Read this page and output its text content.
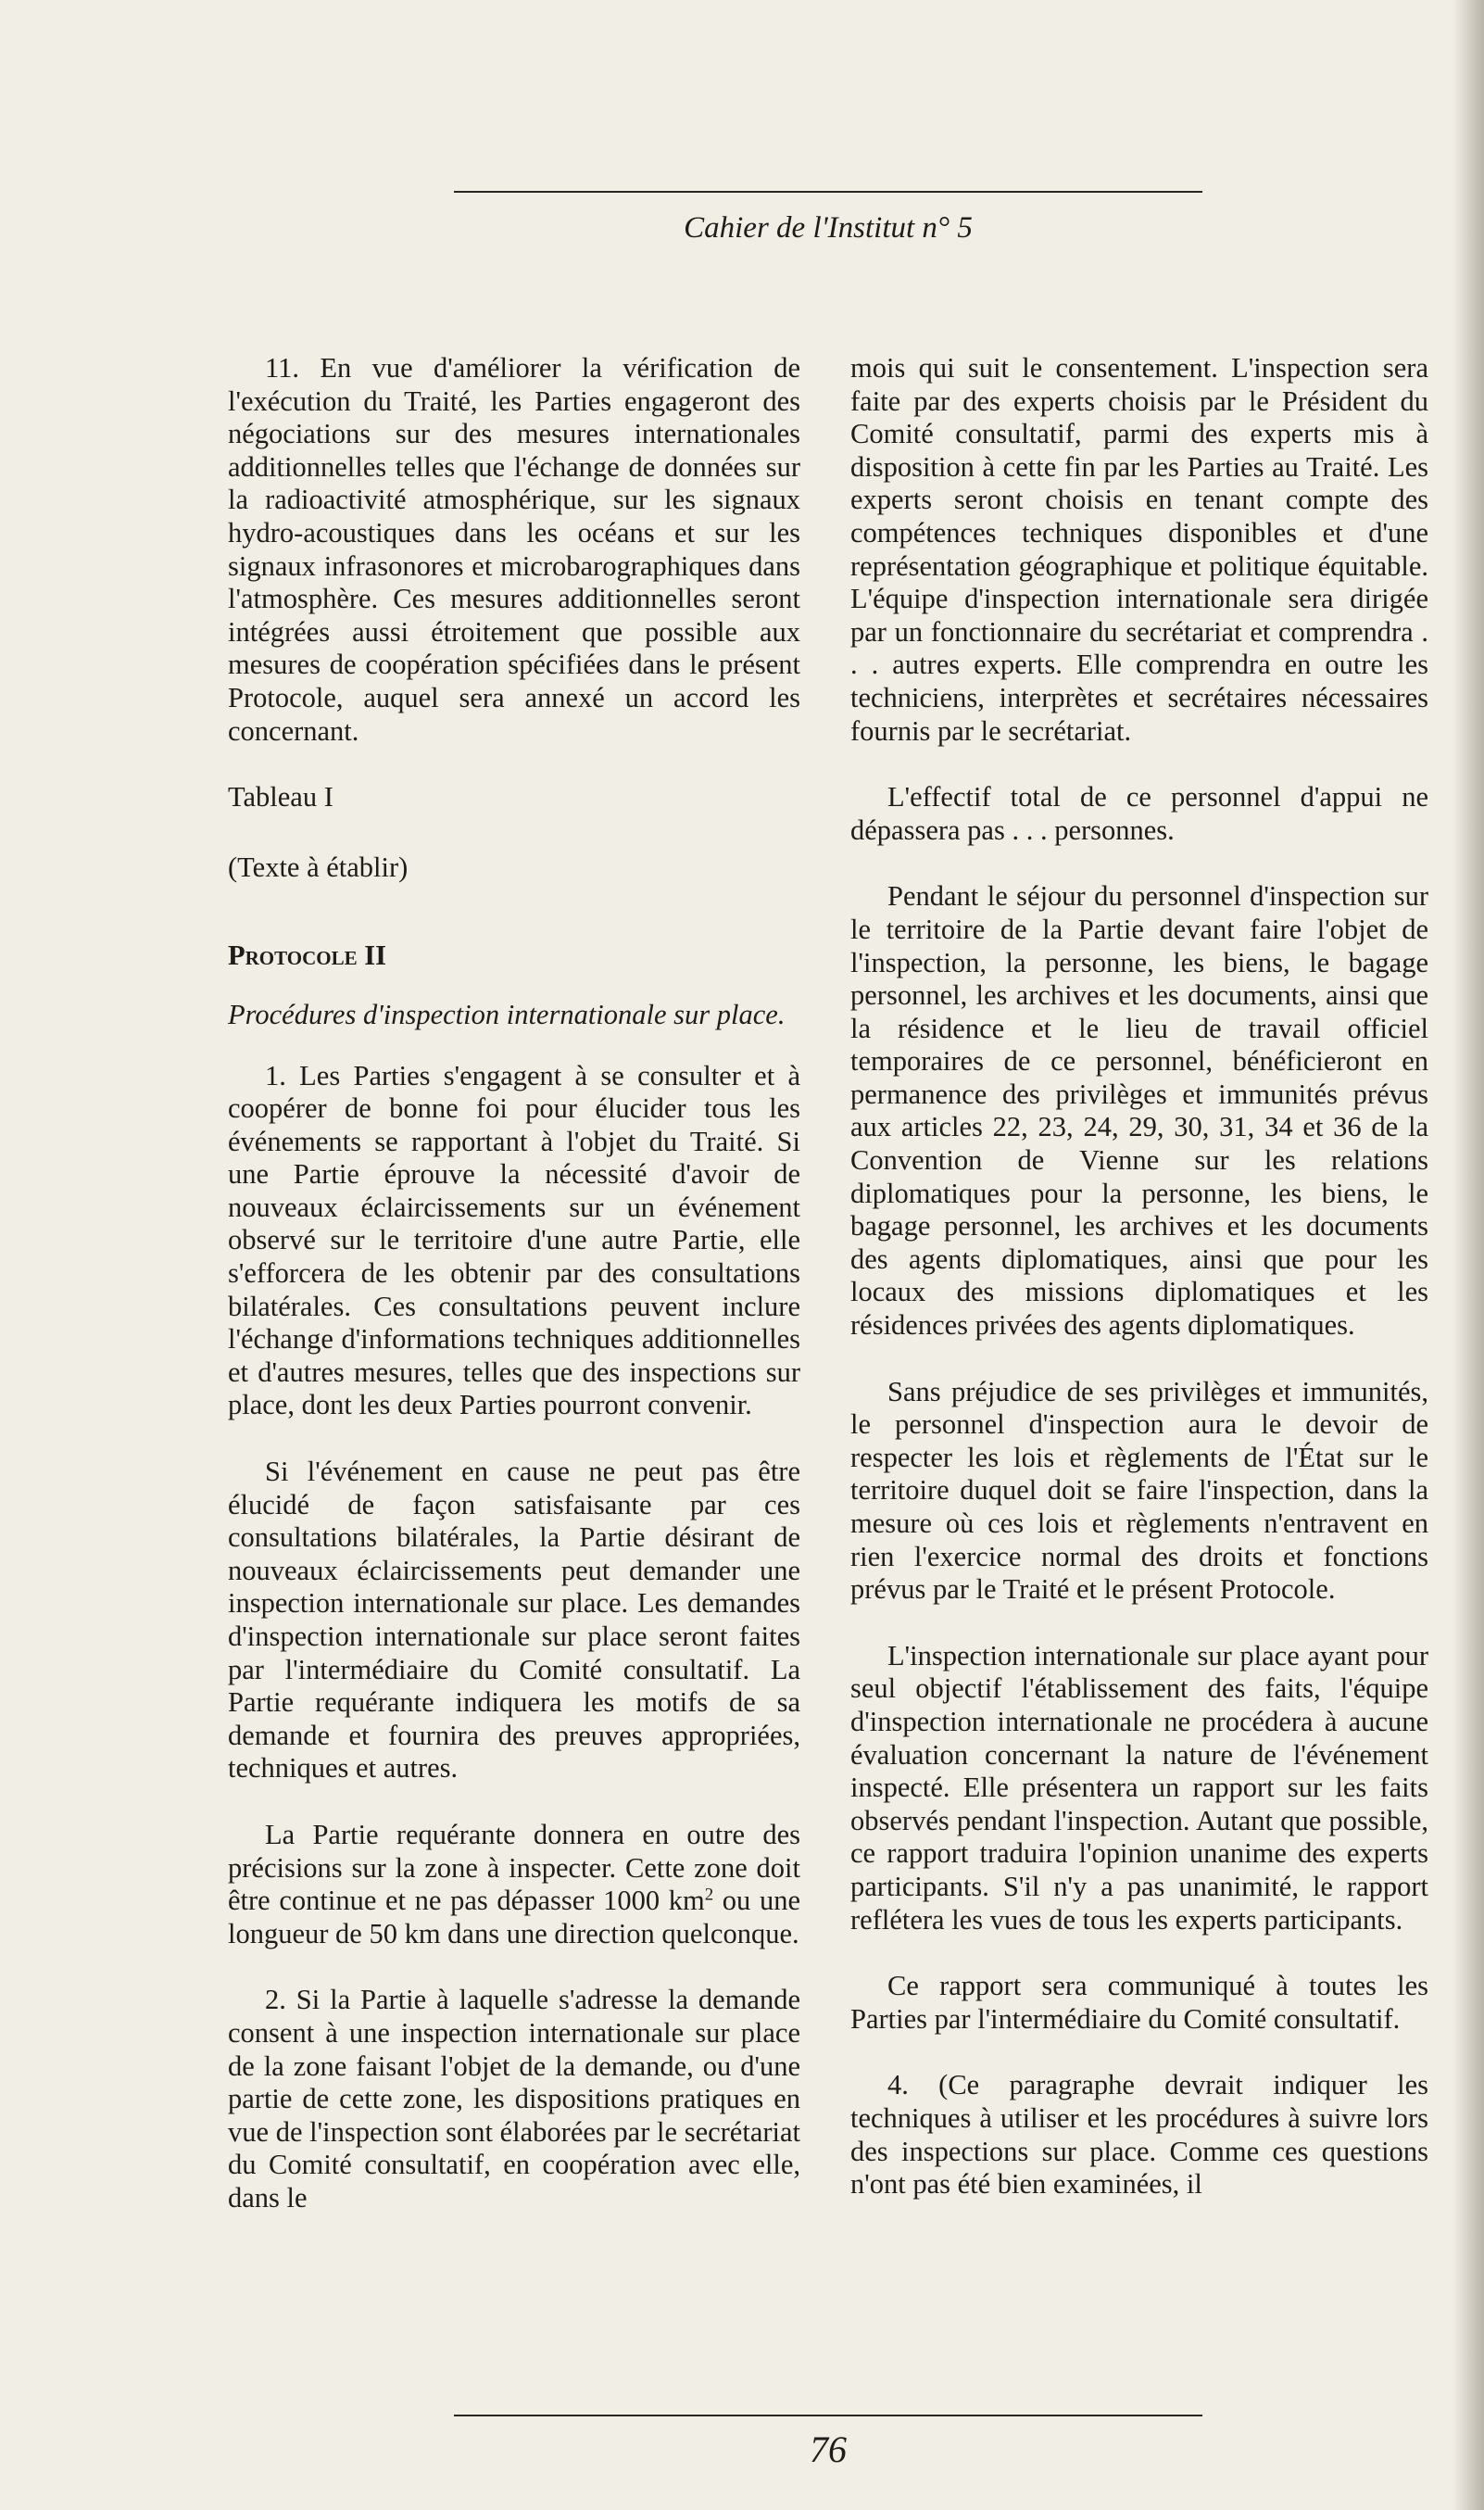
Cahier de l'Institut n° 5

11. En vue d'améliorer la vérification de l'exécution du Traité, les Parties engageront des négociations sur des mesures internationales additionnelles telles que l'échange de données sur la radioactivité atmosphérique, sur les signaux hydro-acoustiques dans les océans et sur les signaux infrasonores et microbarographiques dans l'atmosphère. Ces mesures additionnelles seront intégrées aussi étroitement que possible aux mesures de coopération spécifiées dans le présent Protocole, auquel sera annexé un accord les concernant.

Tableau I

(Texte à établir)

Protocole II

Procédures d'inspection internationale sur place.

1. Les Parties s'engagent à se consulter et à coopérer de bonne foi pour élucider tous les événements se rapportant à l'objet du Traité. Si une Partie éprouve la nécessité d'avoir de nouveaux éclaircissements sur un événement observé sur le territoire d'une autre Partie, elle s'efforcera de les obtenir par des consultations bilatérales. Ces consultations peuvent inclure l'échange d'informations techniques additionnelles et d'autres mesures, telles que des inspections sur place, dont les deux Parties pourront convenir.

Si l'événement en cause ne peut pas être élucidé de façon satisfaisante par ces consultations bilatérales, la Partie désirant de nouveaux éclaircissements peut demander une inspection internationale sur place. Les demandes d'inspection internationale sur place seront faites par l'intermédiaire du Comité consultatif. La Partie requérante indiquera les motifs de sa demande et fournira des preuves appropriées, techniques et autres.

La Partie requérante donnera en outre des précisions sur la zone à inspecter. Cette zone doit être continue et ne pas dépasser 1000 $km^2$ ou une longueur de 50 km dans une direction quelconque.

2. Si la Partie à laquelle s'adresse la demande consent à une inspection internationale sur place de la zone faisant l'objet de la demande, ou d'une partie de cette zone, les dispositions pratiques en vue de l'inspection sont élaborées par le secrétariat du Comité consultatif, en coopération avec elle, dans le

mois qui suit le consentement. L'inspection sera faite par des experts choisis par le Président du Comité consultatif, parmi des experts mis à disposition à cette fin par les Parties au Traité. Les experts seront choisis en tenant compte des compétences techniques disponibles et d'une représentation géographique et politique équitable. L'équipe d'inspection internationale sera dirigée par un fonctionnaire du secrétariat et comprendra . . . autres experts. Elle comprendra en outre les techniciens, interprètes et secrétaires nécessaires fournis par le secrétariat.

L'effectif total de ce personnel d'appui ne dépassera pas . . . personnes.

Pendant le séjour du personnel d'inspection sur le territoire de la Partie devant faire l'objet de l'inspection, la personne, les biens, le bagage personnel, les archives et les documents, ainsi que la résidence et le lieu de travail officiel temporaires de ce personnel, bénéficieront en permanence des privilèges et immunités prévus aux articles 22, 23, 24, 29, 30, 31, 34 et 36 de la Convention de Vienne sur les relations diplomatiques pour la personne, les biens, le bagage personnel, les archives et les documents des agents diplomatiques, ainsi que pour les locaux des missions diplomatiques et les résidences privées des agents diplomatiques.

Sans préjudice de ses privilèges et immunités, le personnel d'inspection aura le devoir de respecter les lois et règlements de l'État sur le territoire duquel doit se faire l'inspection, dans la mesure où ces lois et règlements n'entravent en rien l'exercice normal des droits et fonctions prévus par le Traité et le présent Protocole.

L'inspection internationale sur place ayant pour seul objectif l'établissement des faits, l'équipe d'inspection internationale ne procédera à aucune évaluation concernant la nature de l'événement inspecté. Elle présentera un rapport sur les faits observés pendant l'inspection. Autant que possible, ce rapport traduira l'opinion unanime des experts participants. S'il n'y a pas unanimité, le rapport reflétera les vues de tous les experts participants.

Ce rapport sera communiqué à toutes les Parties par l'intermédiaire du Comité consultatif.

4. (Ce paragraphe devrait indiquer les techniques à utiliser et les procédures à suivre lors des inspections sur place. Comme ces questions n'ont pas été bien examinées, il

76
